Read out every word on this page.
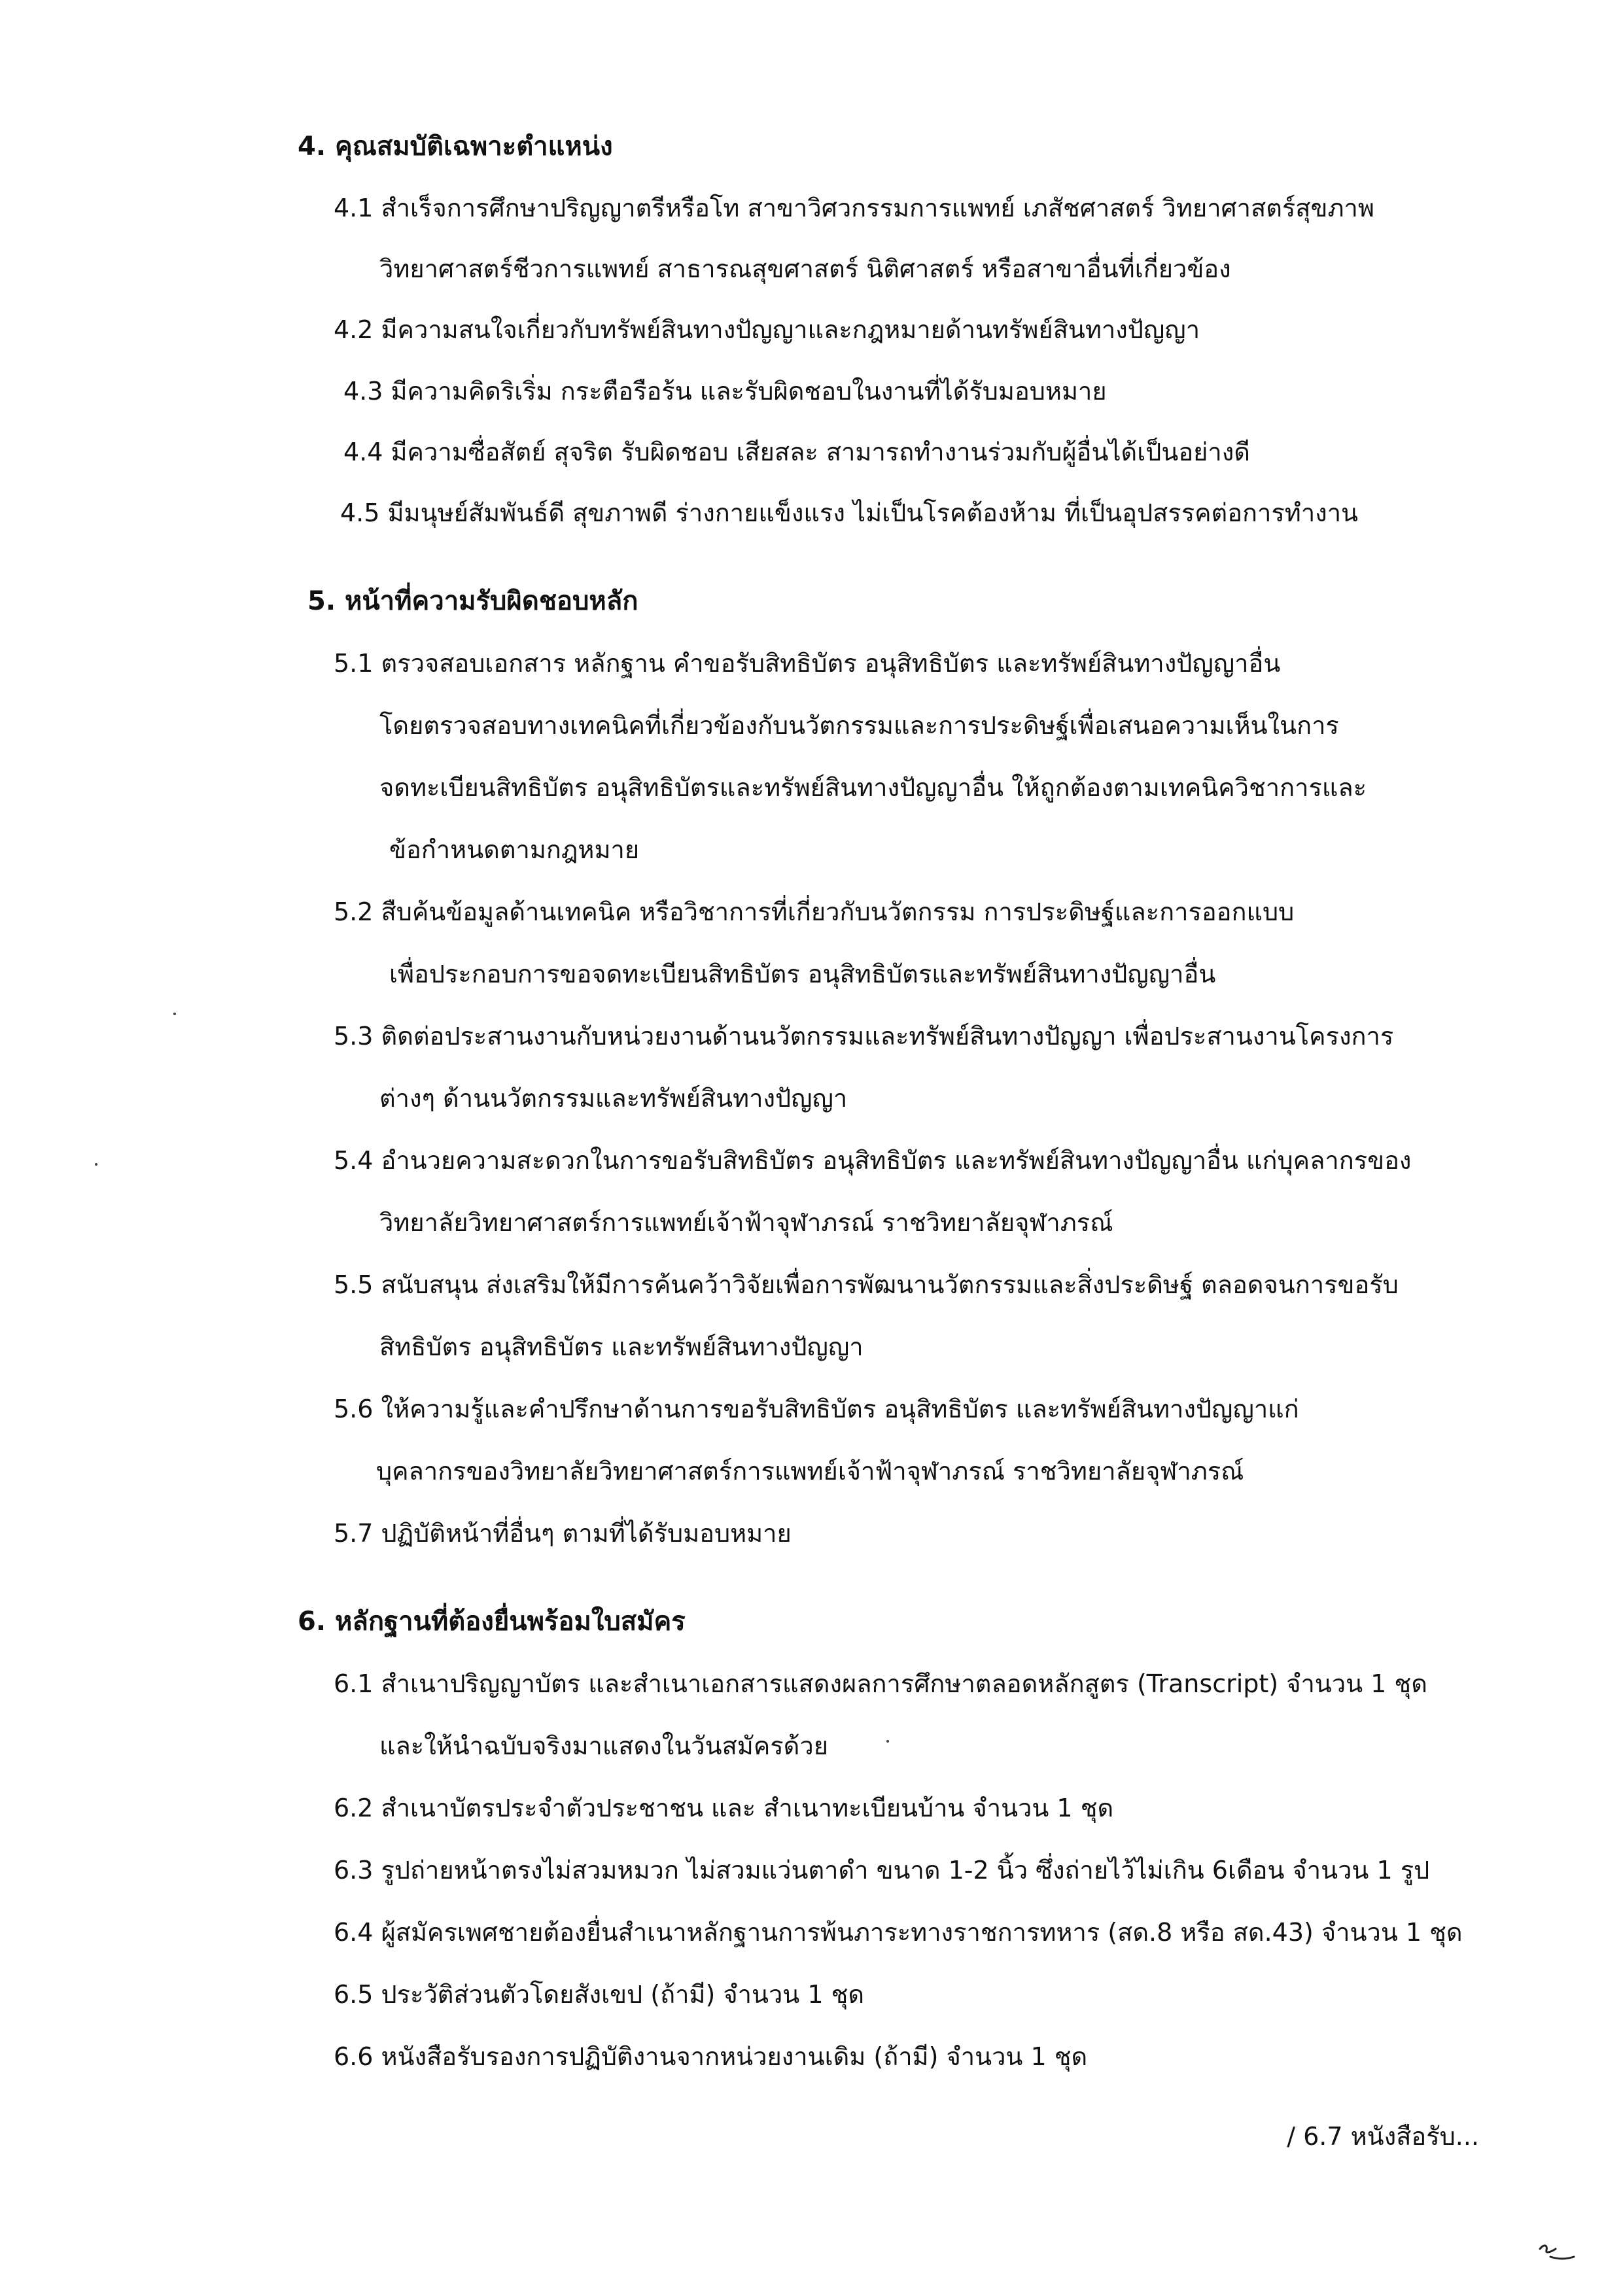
4. คุณสมบัติเฉพาะตำแหน่ง
4.1 สำเร็จการศึกษาปริญญาตรีหรือโท สาขาวิศวกรรมการแพทย์ เภสัชศาสตร์ วิทยาศาสตร์สุขภาพ
วิทยาศาสตร์ชีวการแพทย์ สาธารณสุขศาสตร์ นิติศาสตร์ หรือสาขาอื่นที่เกี่ยวข้อง
4.2 มีความสนใจเกี่ยวกับทรัพย์สินทางปัญญาและกฎหมายด้านทรัพย์สินทางปัญญา
4.3 มีความคิดริเริ่ม กระตือรือร้น และรับผิดชอบในงานที่ได้รับมอบหมาย
4.4 มีความซื่อสัตย์ สุจริต รับผิดชอบ เสียสละ สามารถทำงานร่วมกับผู้อื่นได้เป็นอย่างดี
4.5 มีมนุษย์สัมพันธ์ดี สุขภาพดี ร่างกายแข็งแรง ไม่เป็นโรคต้องห้าม ที่เป็นอุปสรรคต่อการทำงาน
5. หน้าที่ความรับผิดชอบหลัก
5.1 ตรวจสอบเอกสาร หลักฐาน คำขอรับสิทธิบัตร อนุสิทธิบัตร และทรัพย์สินทางปัญญาอื่น
โดยตรวจสอบทางเทคนิคที่เกี่ยวข้องกับนวัตกรรมและการประดิษฐ์เพื่อเสนอความเห็นในการ
จดทะเบียนสิทธิบัตร อนุสิทธิบัตรและทรัพย์สินทางปัญญาอื่น ให้ถูกต้องตามเทคนิควิชาการและ
ข้อกำหนดตามกฎหมาย
5.2 สืบค้นข้อมูลด้านเทคนิค หรือวิชาการที่เกี่ยวกับนวัตกรรม การประดิษฐ์และการออกแบบ
เพื่อประกอบการขอจดทะเบียนสิทธิบัตร อนุสิทธิบัตรและทรัพย์สินทางปัญญาอื่น
5.3 ติดต่อประสานงานกับหน่วยงานด้านนวัตกรรมและทรัพย์สินทางปัญญา เพื่อประสานงานโครงการ
ต่างๆ ด้านนวัตกรรมและทรัพย์สินทางปัญญา
5.4 อำนวยความสะดวกในการขอรับสิทธิบัตร อนุสิทธิบัตร และทรัพย์สินทางปัญญาอื่น แก่บุคลากรของ
วิทยาลัยวิทยาศาสตร์การแพทย์เจ้าฟ้าจุฬาภรณ์ ราชวิทยาลัยจุฬาภรณ์
5.5 สนับสนุน ส่งเสริมให้มีการค้นคว้าวิจัยเพื่อการพัฒนานวัตกรรมและสิ่งประดิษฐ์ ตลอดจนการขอรับ
สิทธิบัตร อนุสิทธิบัตร และทรัพย์สินทางปัญญา
5.6 ให้ความรู้และคำปรึกษาด้านการขอรับสิทธิบัตร อนุสิทธิบัตร และทรัพย์สินทางปัญญาแก่
บุคลากรของวิทยาลัยวิทยาศาสตร์การแพทย์เจ้าฟ้าจุฬาภรณ์ ราชวิทยาลัยจุฬาภรณ์
5.7 ปฏิบัติหน้าที่อื่นๆ ตามที่ได้รับมอบหมาย
6. หลักฐานที่ต้องยื่นพร้อมใบสมัคร
6.1 สำเนาปริญญาบัตร และสำเนาเอกสารแสดงผลการศึกษาตลอดหลักสูตร (Transcript) จำนวน 1 ชุด
และให้นำฉบับจริงมาแสดงในวันสมัครด้วย
6.2 สำเนาบัตรประจำตัวประชาชน และ สำเนาทะเบียนบ้าน จำนวน 1 ชุด
6.3 รูปถ่ายหน้าตรงไม่สวมหมวก ไม่สวมแว่นตาดำ ขนาด 1-2 นิ้ว ซึ่งถ่ายไว้ไม่เกิน 6เดือน จำนวน 1 รูป
6.4 ผู้สมัครเพศชายต้องยื่นสำเนาหลักฐานการพ้นภาระทางราชการทหาร (สด.8 หรือ สด.43) จำนวน 1 ชุด
6.5 ประวัติส่วนตัวโดยสังเขป (ถ้ามี) จำนวน 1 ชุด
6.6 หนังสือรับรองการปฏิบัติงานจากหน่วยงานเดิม (ถ้ามี) จำนวน 1 ชุด
/ 6.7 หนังสือรับ...
